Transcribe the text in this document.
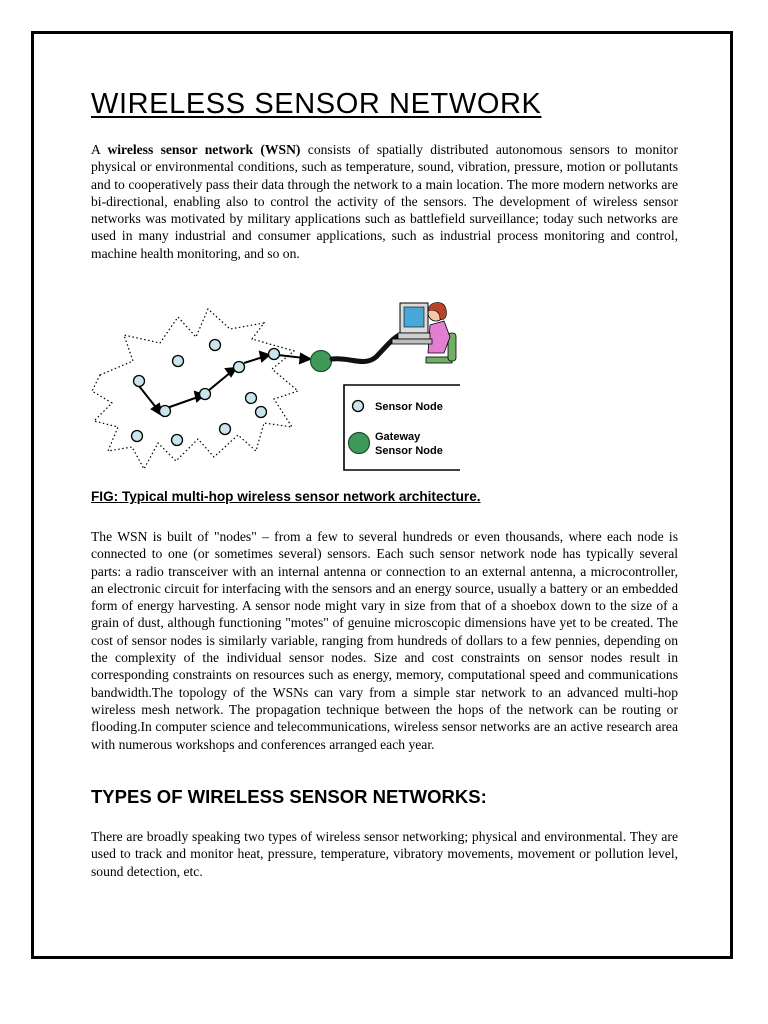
WIRELESS SENSOR NETWORK

A wireless sensor network (WSN) consists of spatially distributed autonomous sensors to monitor physical or environmental conditions, such as temperature, sound, vibration, pressure, motion or pollutants and to cooperatively pass their data through the network to a main location. The more modern networks are bi-directional, enabling also to control the activity of the sensors. The development of wireless sensor networks was motivated by military applications such as battlefield surveillance; today such networks are used in many industrial and consumer applications, such as industrial process monitoring and control, machine health monitoring, and so on.

Sensor Node
Gateway
Sensor Node

FIG: Typical multi-hop wireless sensor network architecture.

The WSN is built of "nodes" – from a few to several hundreds or even thousands, where each node is connected to one (or sometimes several) sensors. Each such sensor network node has typically several parts: a radio transceiver with an internal antenna or connection to an external antenna, a microcontroller, an electronic circuit for interfacing with the sensors and an energy source, usually a battery or an embedded form of energy harvesting. A sensor node might vary in size from that of a shoebox down to the size of a grain of dust, although functioning "motes" of genuine microscopic dimensions have yet to be created. The cost of sensor nodes is similarly variable, ranging from hundreds of dollars to a few pennies, depending on the complexity of the individual sensor nodes. Size and cost constraints on sensor nodes result in corresponding constraints on resources such as energy, memory, computational speed and communications bandwidth.The topology of the WSNs can vary from a simple star network to an advanced multi-hop wireless mesh network. The propagation technique between the hops of the network can be routing or flooding.In computer science and telecommunications, wireless sensor networks are an active research area with numerous workshops and conferences arranged each year.

TYPES OF WIRELESS SENSOR NETWORKS:

There are broadly speaking two types of wireless sensor networking; physical and environmental. They are used to track and monitor heat, pressure, temperature, vibratory movements, movement or pollution level, sound detection, etc.
